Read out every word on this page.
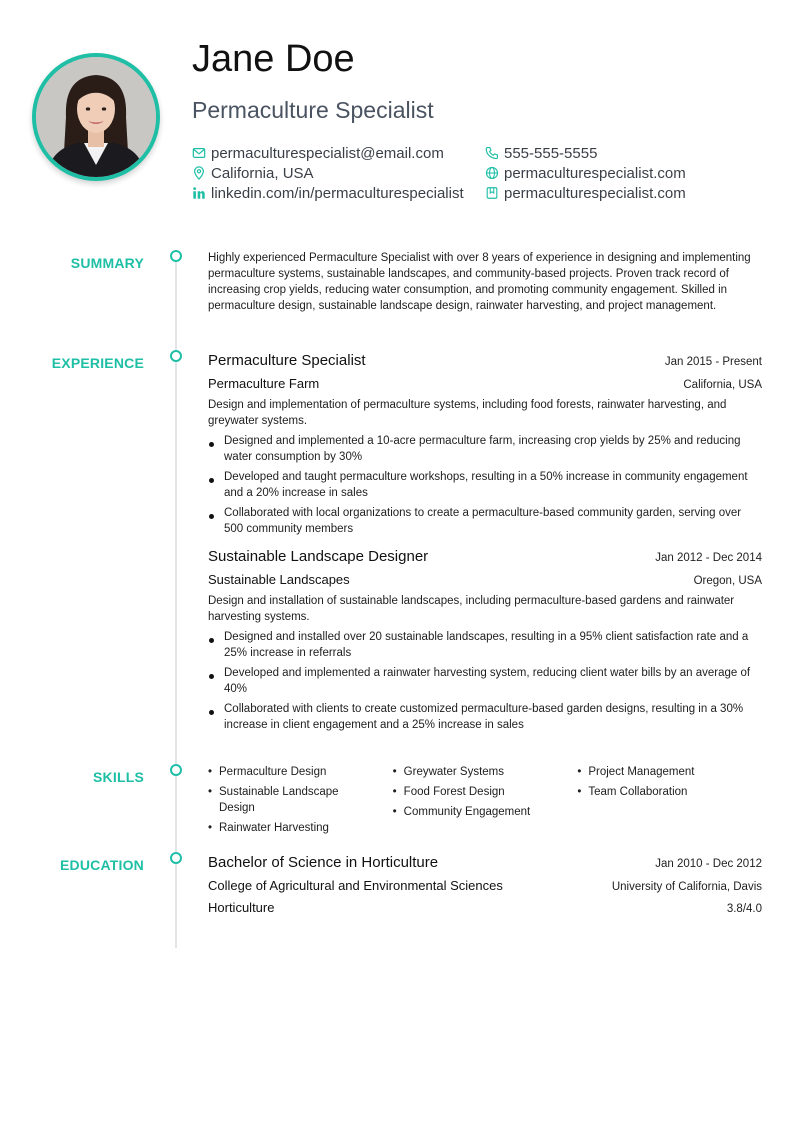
Jane Doe
Permaculture Specialist
permaculturespecialist@email.com
California, USA
linkedin.com/in/permaculturespecialist
555-555-5555
permaculturespecialist.com
permaculturespecialist.com
SUMMARY
EXPERIENCE
SKILLS
EDUCATION
Highly experienced Permaculture Specialist with over 8 years of experience in designing and implementing permaculture systems, sustainable landscapes, and community-based projects. Proven track record of increasing crop yields, reducing water consumption, and promoting community engagement. Skilled in permaculture design, sustainable landscape design, rainwater harvesting, and project management.
Permaculture Specialist	Jan 2015 - Present
Permaculture Farm	California, USA
Design and implementation of permaculture systems, including food forests, rainwater harvesting, and greywater systems.
Designed and implemented a 10-acre permaculture farm, increasing crop yields by 25% and reducing water consumption by 30%
Developed and taught permaculture workshops, resulting in a 50% increase in community engagement and a 20% increase in sales
Collaborated with local organizations to create a permaculture-based community garden, serving over 500 community members
Sustainable Landscape Designer	Jan 2012 - Dec 2014
Sustainable Landscapes	Oregon, USA
Design and installation of sustainable landscapes, including permaculture-based gardens and rainwater harvesting systems.
Designed and installed over 20 sustainable landscapes, resulting in a 95% client satisfaction rate and a 25% increase in referrals
Developed and implemented a rainwater harvesting system, reducing client water bills by an average of 40%
Collaborated with clients to create customized permaculture-based garden designs, resulting in a 30% increase in client engagement and a 25% increase in sales
• Permaculture Design
• Sustainable Landscape Design
• Rainwater Harvesting
• Greywater Systems
• Food Forest Design
• Community Engagement
• Project Management
• Team Collaboration
Bachelor of Science in Horticulture	Jan 2010 - Dec 2012
College of Agricultural and Environmental Sciences	University of California, Davis
Horticulture	3.8/4.0
